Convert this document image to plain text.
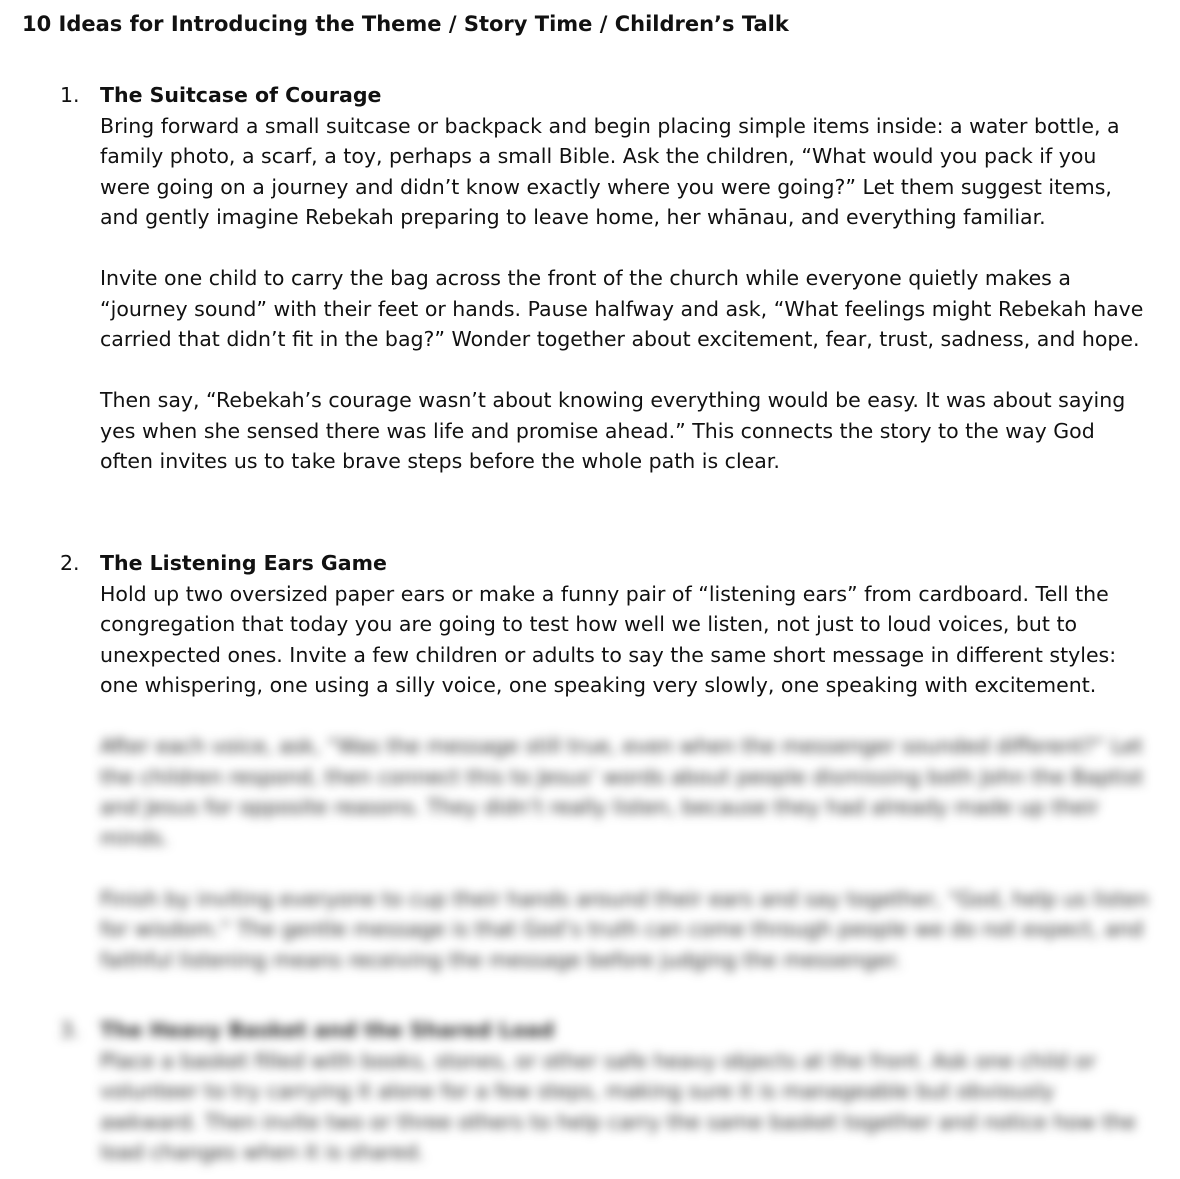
10 Ideas for Introducing the Theme / Story Time / Children’s Talk
1. The Suitcase of Courage

Bring forward a small suitcase or backpack and begin placing simple items inside: a water bottle, a family photo, a scarf, a toy, perhaps a small Bible. Ask the children, “What would you pack if you were going on a journey and didn’t know exactly where you were going?” Let them suggest items, and gently imagine Rebekah preparing to leave home, her whānau, and everything familiar.

Invite one child to carry the bag across the front of the church while everyone quietly makes a “journey sound” with their feet or hands. Pause halfway and ask, “What feelings might Rebekah have carried that didn’t fit in the bag?” Wonder together about excitement, fear, trust, sadness, and hope.

Then say, “Rebekah’s courage wasn’t about knowing everything would be easy. It was about saying yes when she sensed there was life and promise ahead.” This connects the story to the way God often invites us to take brave steps before the whole path is clear.

2. The Listening Ears Game

Hold up two oversized paper ears or make a funny pair of “listening ears” from cardboard. Tell the congregation that today you are going to test how well we listen, not just to loud voices, but to unexpected ones. Invite a few children or adults to say the same short message in different styles: one whispering, one using a silly voice, one speaking very slowly, one speaking with excitement.

After each voice, ask, “Was the message still true, even when the messenger sounded different?” Let the children respond, then connect this to Jesus’ words about people dismissing both John the Baptist and Jesus for opposite reasons. They didn’t really listen, because they had already made up their minds.

Finish by inviting everyone to cup their hands around their ears and say together, “God, help us listen for wisdom.” The gentle message is that God’s truth can come through people we do not expect, and faithful listening means receiving the message before judging the messenger.

3. The Heavy Basket and the Shared Load

Place a basket filled with books, stones, or other safe heavy objects at the front. Ask one child or volunteer to try carrying it alone for a few steps, making sure it is manageable but obviously awkward. Then invite two or three others to help carry the same basket together and notice how the load changes when it is shared.
